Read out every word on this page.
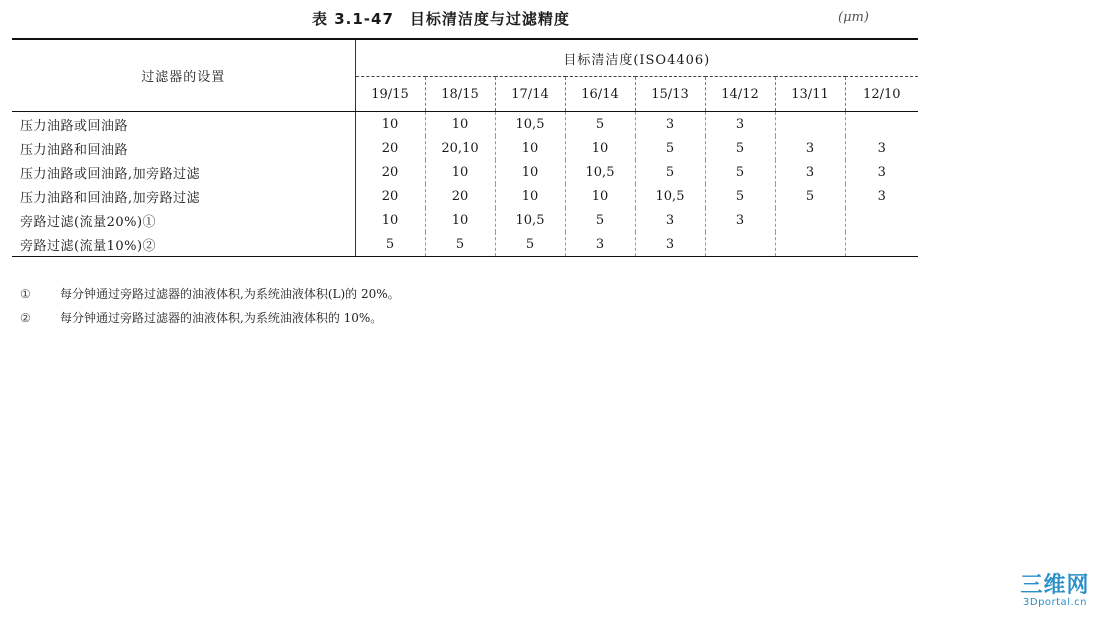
表 3.1-47　目标清洁度与过滤精度	(μm)
过滤器的设置	目标清洁度(ISO4406)							
	19/15	18/15	17/14	16/14	15/13	14/12	13/11	12/10
压力油路或回油路	10	10	10,5	5	3	3		
压力油路和回油路	20	20,10	10	10	5	5	3	3
压力油路或回油路,加旁路过滤	20	10	10	10,5	5	5	3	3
压力油路和回油路,加旁路过滤	20	20	10	10	10,5	5	5	3
旁路过滤(流量20%)①	10	10	10,5	5	3	3		
旁路过滤(流量10%)②	5	5	5	3	3			
① 每分钟通过旁路过滤器的油液体积,为系统油液体积(L)的 20%。
② 每分钟通过旁路过滤器的油液体积,为系统油液体积的 10%。
三维网
3Dportal.cn
